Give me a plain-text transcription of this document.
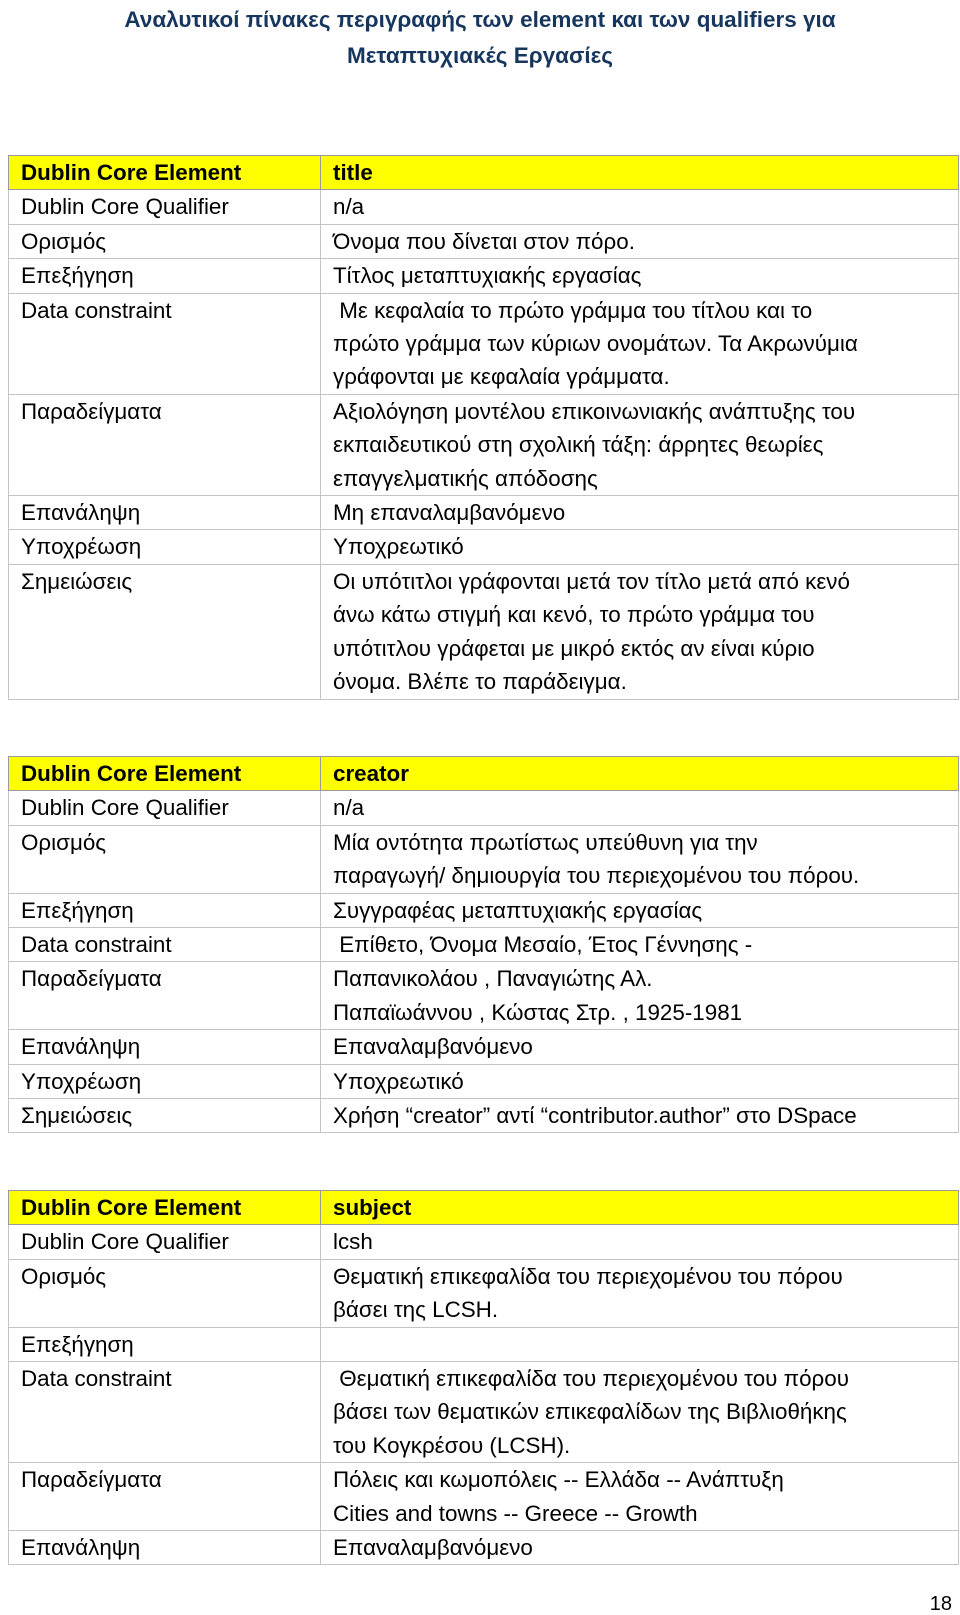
Αναλυτικοί πίνακες περιγραφής των element και των qualifiers για
Μεταπτυχιακές Εργασίες
Dublin Core Element	title
Dublin Core Qualifier	n/a
Ορισμός	Όνομα που δίνεται στον πόρο.
Επεξήγηση	Τίτλος μεταπτυχιακής εργασίας
Data constraint	Με κεφαλαία το πρώτο γράμμα του τίτλου και το
πρώτο γράμμα των κύριων ονομάτων. Τα Ακρωνύμια
γράφονται με κεφαλαία γράμματα.
Παραδείγματα	Αξιολόγηση μοντέλου επικοινωνιακής ανάπτυξης του
εκπαιδευτικού στη σχολική τάξη: άρρητες θεωρίες
επαγγελματικής απόδοσης
Επανάληψη	Μη επαναλαμβανόμενο
Υποχρέωση	Υποχρεωτικό
Σημειώσεις	Οι υπότιτλοι γράφονται μετά τον τίτλο μετά από κενό
άνω κάτω στιγμή και κενό, το πρώτο γράμμα του
υπότιτλου γράφεται με μικρό εκτός αν είναι κύριο
όνομα. Βλέπε το παράδειγμα.
Dublin Core Element	creator
Dublin Core Qualifier	n/a
Ορισμός	Μία οντότητα πρωτίστως υπεύθυνη για την
παραγωγή/ δημιουργία του περιεχομένου του πόρου.
Επεξήγηση	Συγγραφέας μεταπτυχιακής εργασίας
Data constraint	Επίθετο, Όνομα Μεσαίο, Έτος Γέννησης -
Παραδείγματα	Παπανικολάου , Παναγιώτης Αλ.
Παπαϊωάννου , Κώστας Στρ. , 1925-1981
Επανάληψη	Επαναλαμβανόμενο
Υποχρέωση	Υποχρεωτικό
Σημειώσεις	Χρήση “creator” αντί “contributor.author” στο DSpace
Dublin Core Element	subject
Dublin Core Qualifier	lcsh
Ορισμός	Θεματική επικεφαλίδα του περιεχομένου του πόρου
βάσει της LCSH.
Επεξήγηση	
Data constraint	Θεματική επικεφαλίδα του περιεχομένου του πόρου
βάσει των θεματικών επικεφαλίδων της Βιβλιοθήκης
του Κογκρέσου (LCSH).
Παραδείγματα	Πόλεις και κωμοπόλεις -- Ελλάδα -- Ανάπτυξη
Cities and towns -- Greece -- Growth
Επανάληψη	Επαναλαμβανόμενο
18
